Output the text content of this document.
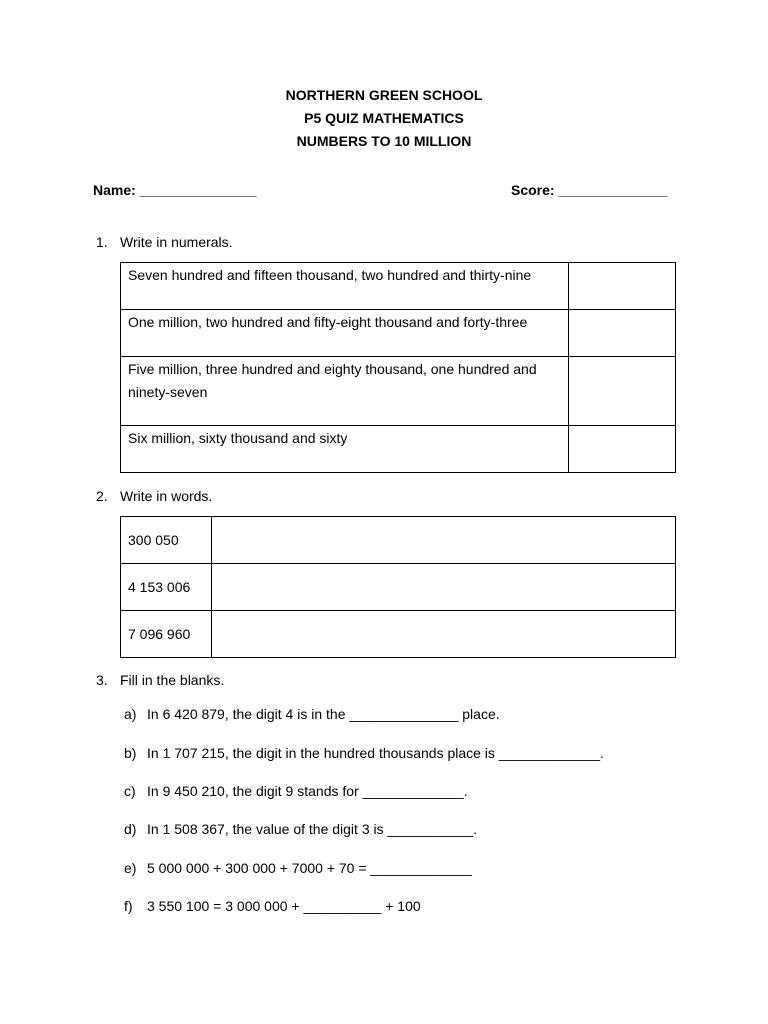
NORTHERN GREEN SCHOOL
P5 QUIZ MATHEMATICS
NUMBERS TO 10 MILLION
Name: _______________	Score: ______________
1. Write in numerals.
Seven hundred and fifteen thousand, two hundred and thirty-nine	
One million, two hundred and fifty-eight thousand and forty-three	
Five million, three hundred and eighty thousand, one hundred and ninety-seven	
Six million, sixty thousand and sixty	
2. Write in words.
300 050	
4 153 006	
7 096 960	
3. Fill in the blanks.
a) In 6 420 879, the digit 4 is in the ______________ place.
b) In 1 707 215, the digit in the hundred thousands place is _____________.
c) In 9 450 210, the digit 9 stands for _____________.
d) In 1 508 367, the value of the digit 3 is ___________.
e) 5 000 000 + 300 000 + 7000 + 70 = _____________
f) 3 550 100 = 3 000 000 + __________ + 100
